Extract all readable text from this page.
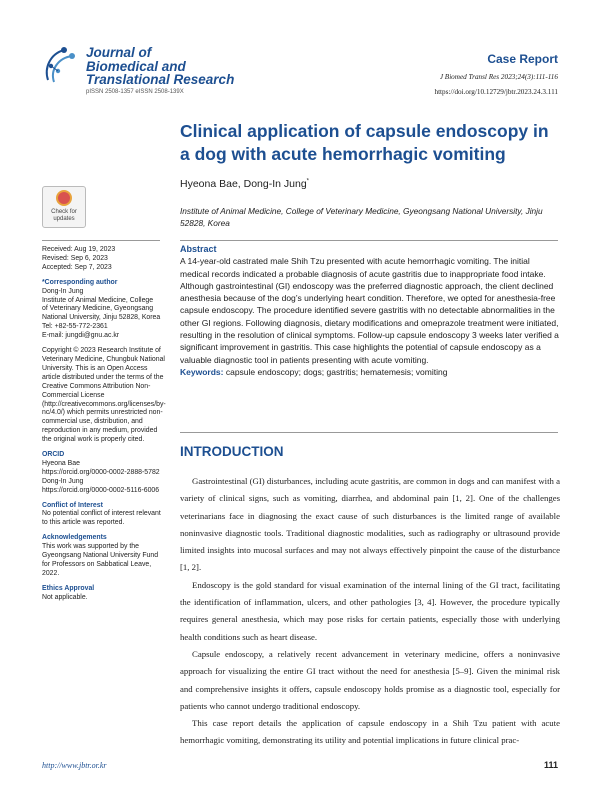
Journal of
Biomedical and
Translational Research
pISSN 2508-1357 eISSN 2508-139X
Case Report
J Biomed Transl Res 2023;24(3):111-116
https://doi.org/10.12729/jbtr.2023.24.3.111
Clinical application of capsule endoscopy in a dog with acute hemorrhagic vomiting
Hyeona Bae, Dong-In Jung*
Institute of Animal Medicine, College of Veterinary Medicine, Gyeongsang National University, Jinju 52828, Korea
Check for
updates
Received: Aug 19, 2023
Revised: Sep 6, 2023
Accepted: Sep 7, 2023
*Corresponding author
Dong-In Jung
Institute of Animal Medicine, College
of Veterinary Medicine, Gyeongsang
National University, Jinju 52828, Korea
Tel: +82-55-772-2361
E-mail: jungdi@gnu.ac.kr
Copyright © 2023 Research Institute of Veterinary Medicine, Chungbuk National University. This is an Open Access article distributed under the terms of the Creative Commons Attribution Non-Commercial License (http://creativecommons.org/licenses/by-nc/4.0/) which permits unrestricted non-commercial use, distribution, and reproduction in any medium, provided the original work is properly cited.
ORCID
Hyeona Bae
https://orcid.org/0000-0002-2888-5782
Dong-In Jung
https://orcid.org/0000-0002-5116-6006
Conflict of Interest
No potential conflict of interest relevant to this article was reported.
Acknowledgements
This work was supported by the Gyeongsang National University Fund for Professors on Sabbatical Leave, 2022.
Ethics Approval
Not applicable.
Abstract
A 14-year-old castrated male Shih Tzu presented with acute hemorrhagic vomiting. The initial medical records indicated a probable diagnosis of acute gastritis due to inappropriate food intake. Although gastrointestinal (GI) endoscopy was the preferred diagnostic approach, the client declined anesthesia because of the dog’s underlying heart condition. Therefore, we opted for anesthesia-free capsule endoscopy. The procedure identified severe gastritis with no detectable abnormalities in the other GI regions. Following diagnosis, dietary modifications and omeprazole treatment were initiated, resulting in the resolution of clinical symptoms. Follow-up capsule endoscopy 3 weeks later verified a significant improvement in gastritis. This case highlights the potential of capsule endoscopy as a valuable diagnostic tool in patients presenting with acute vomiting.
Keywords: capsule endoscopy; dogs; gastritis; hematemesis; vomiting
INTRODUCTION

Gastrointestinal (GI) disturbances, including acute gastritis, are common in dogs and can manifest with a variety of clinical signs, such as vomiting, diarrhea, and abdominal pain [1, 2]. One of the challenges veterinarians face in diagnosing the exact cause of such disturbances is the limited range of available noninvasive diagnostic tools. Traditional diagnostic modalities, such as radiography or ultrasound provide limited insights into mucosal surfaces and may not always effectively pinpoint the cause of the disturbance [1, 2].

Endoscopy is the gold standard for visual examination of the internal lining of the GI tract, facilitating the identification of inflammation, ulcers, and other pathologies [3, 4]. However, the procedure typically requires general anesthesia, which may pose risks for certain patients, especially those with underlying health conditions such as heart disease.

Capsule endoscopy, a relatively recent advancement in veterinary medicine, offers a noninvasive approach for visualizing the entire GI tract without the need for anesthesia [5–9]. Given the minimal risk and comprehensive insights it offers, capsule endoscopy holds promise as a diagnostic tool, especially for patients who cannot undergo traditional endoscopy.

This case report details the application of capsule endoscopy in a Shih Tzu patient with acute hemorrhagic vomiting, demonstrating its utility and potential implications in future clinical prac-

http://www.jbtr.or.kr	111
